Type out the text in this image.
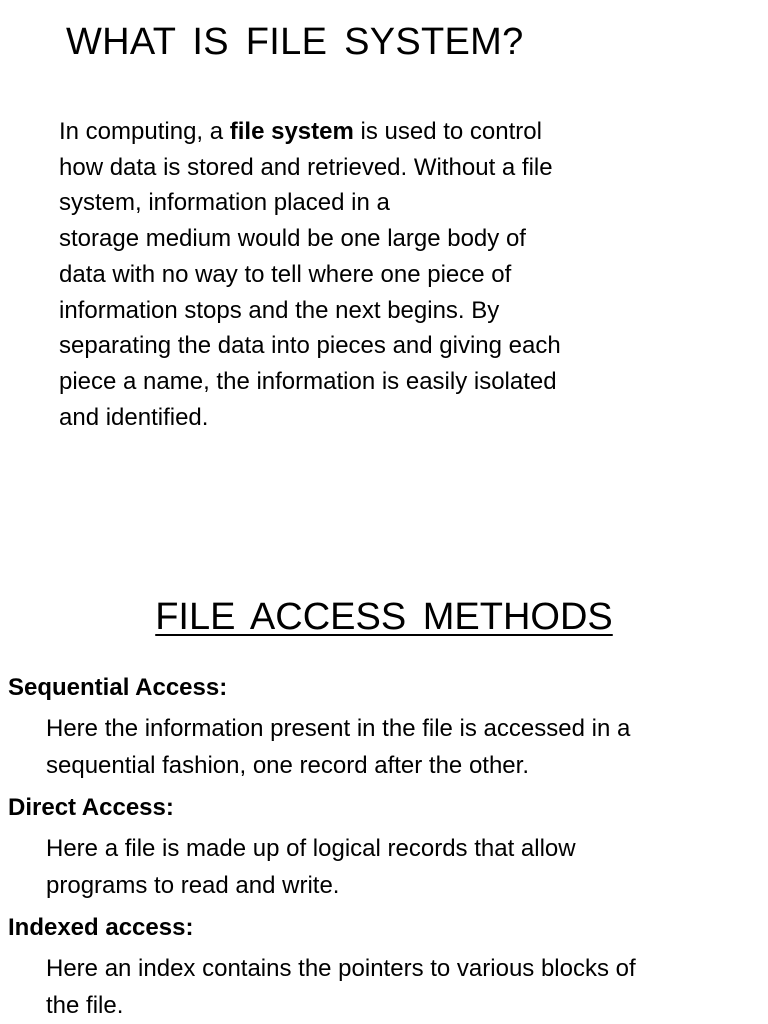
WHAT IS FILE SYSTEM?

In computing, a file system is used to control
how data is stored and retrieved. Without a file
system, information placed in a
storage medium would be one large body of
data with no way to tell where one piece of
information stops and the next begins. By
separating the data into pieces and giving each
piece a name, the information is easily isolated
and identified.

FILE ACCESS METHODS
Sequential Access:
Here the information present in the file is accessed in a
sequential fashion, one record after the other.
Direct Access:
Here a file is made up of logical records that allow
programs to read and write.
Indexed access:
Here an index contains the pointers to various blocks of
the file.
